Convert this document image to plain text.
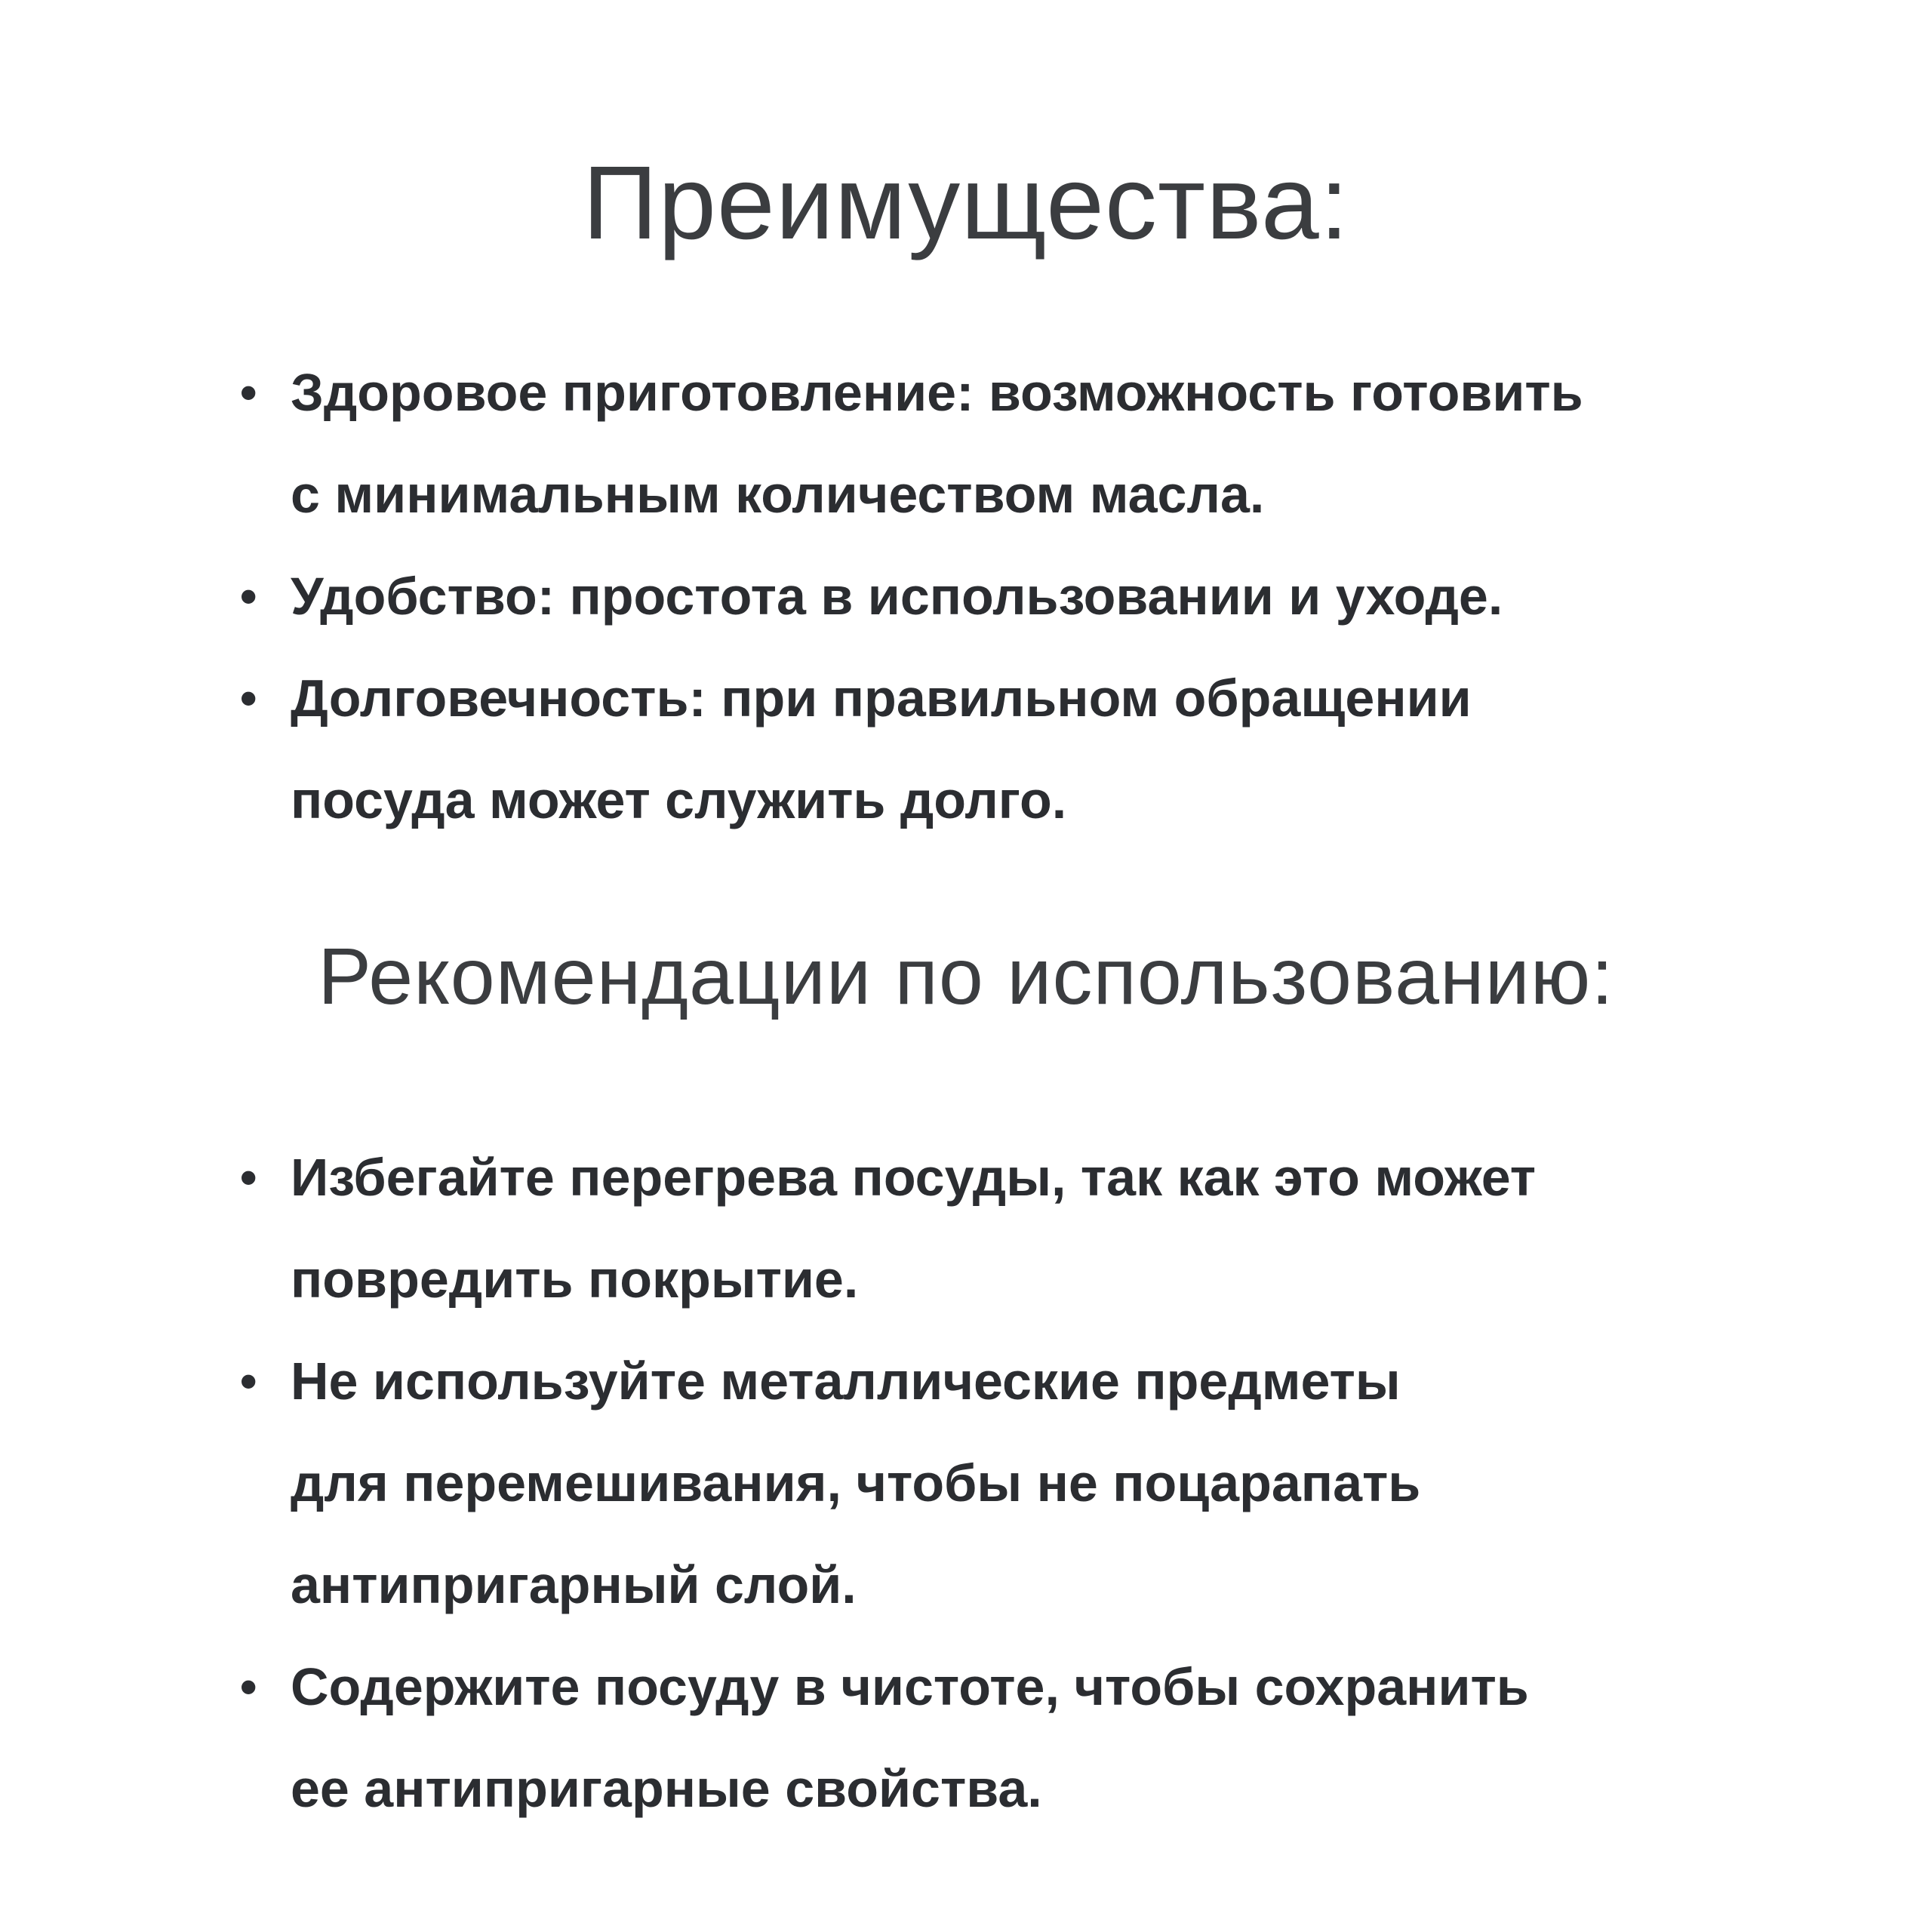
Преимущества:
• Здоровое приготовление: возможность готовить
с минимальным количеством масла.
• Удобство: простота в использовании и уходе.
• Долговечность: при правильном обращении
посуда может служить долго.
Рекомендации по использованию:
• Избегайте перегрева посуды, так как это может
повредить покрытие.
• Не используйте металлические предметы
для перемешивания, чтобы не поцарапать
антипригарный слой.
• Содержите посуду в чистоте, чтобы сохранить
ее антипригарные свойства.
